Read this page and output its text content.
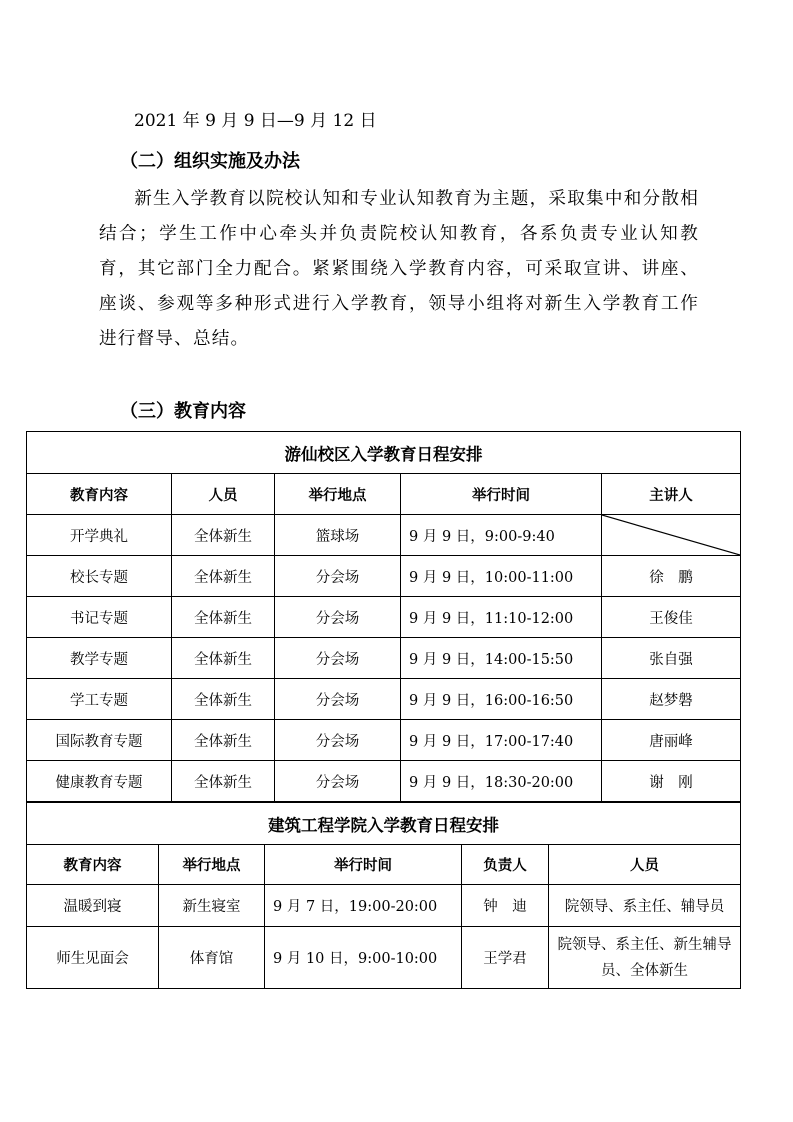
2021 年 9 月 9 日—9 月 12 日
（二）组织实施及办法
新生入学教育以院校认知和专业认知教育为主题，采取集中和分散相结合；学生工作中心牵头并负责院校认知教育，各系负责专业认知教育，其它部门全力配合。紧紧围绕入学教育内容，可采取宣讲、讲座、座谈、参观等多种形式进行入学教育，领导小组将对新生入学教育工作进行督导、总结。
（三）教育内容
游仙校区入学教育日程安排				
教育内容	人员	举行地点	举行时间	主讲人
开学典礼	全体新生	篮球场	9 月 9 日，9:00-9:40	

校长专题	全体新生	分会场	9 月 9 日，10:00-11:00	徐　鹏
书记专题	全体新生	分会场	9 月 9 日，11:10-12:00	王俊佳
教学专题	全体新生	分会场	9 月 9 日，14:00-15:50	张自强
学工专题	全体新生	分会场	9 月 9 日，16:00-16:50	赵梦磐
国际教育专题	全体新生	分会场	9 月 9 日，17:00-17:40	唐丽峰
健康教育专题	全体新生	分会场	9 月 9 日，18:30-20:00	谢　刚
建筑工程学院入学教育日程安排				
教育内容	举行地点	举行时间	负责人	人员
温暖到寝	新生寝室	9 月 7 日，19:00-20:00	钟　迪	院领导、系主任、辅导员
师生见面会	体育馆	9 月 10 日，9:00-10:00	王学君	院领导、系主任、新生辅导员、全体新生
